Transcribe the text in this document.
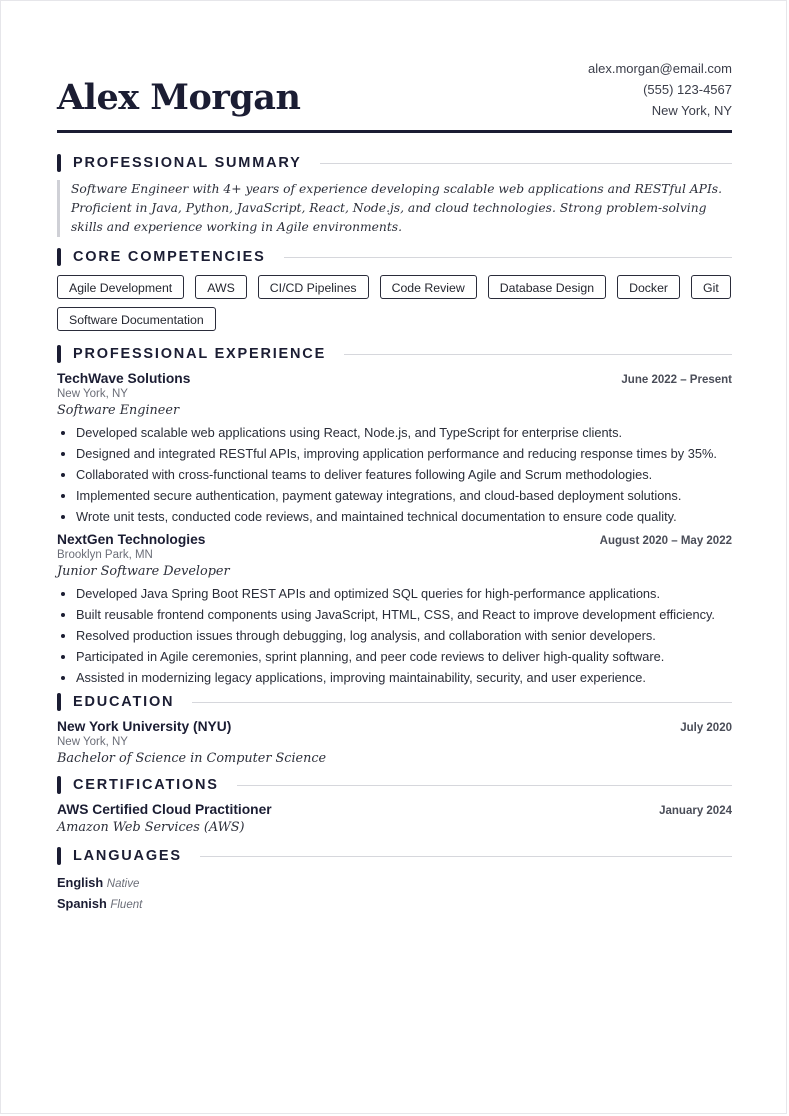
Alex Morgan
alex.morgan@email.com
(555) 123-4567
New York, NY
PROFESSIONAL SUMMARY
Software Engineer with 4+ years of experience developing scalable web applications and RESTful APIs. Proficient in Java, Python, JavaScript, React, Node.js, and cloud technologies. Strong problem-solving skills and experience working in Agile environments.
CORE COMPETENCIES
Agile Development	AWS	CI/CD Pipelines	Code Review	Database Design	Docker	Git
Software Documentation
PROFESSIONAL EXPERIENCE
TechWave Solutions	June 2022 – Present
New York, NY
Software Engineer
• Developed scalable web applications using React, Node.js, and TypeScript for enterprise clients.
• Designed and integrated RESTful APIs, improving application performance and reducing response times by 35%.
• Collaborated with cross-functional teams to deliver features following Agile and Scrum methodologies.
• Implemented secure authentication, payment gateway integrations, and cloud-based deployment solutions.
• Wrote unit tests, conducted code reviews, and maintained technical documentation to ensure code quality.
NextGen Technologies	August 2020 – May 2022
Brooklyn Park, MN
Junior Software Developer
• Developed Java Spring Boot REST APIs and optimized SQL queries for high-performance applications.
• Built reusable frontend components using JavaScript, HTML, CSS, and React to improve development efficiency.
• Resolved production issues through debugging, log analysis, and collaboration with senior developers.
• Participated in Agile ceremonies, sprint planning, and peer code reviews to deliver high-quality software.
• Assisted in modernizing legacy applications, improving maintainability, security, and user experience.
EDUCATION
New York University (NYU)	July 2020
New York, NY
Bachelor of Science in Computer Science
CERTIFICATIONS
AWS Certified Cloud Practitioner	January 2024
Amazon Web Services (AWS)
LANGUAGES
English Native
Spanish Fluent
